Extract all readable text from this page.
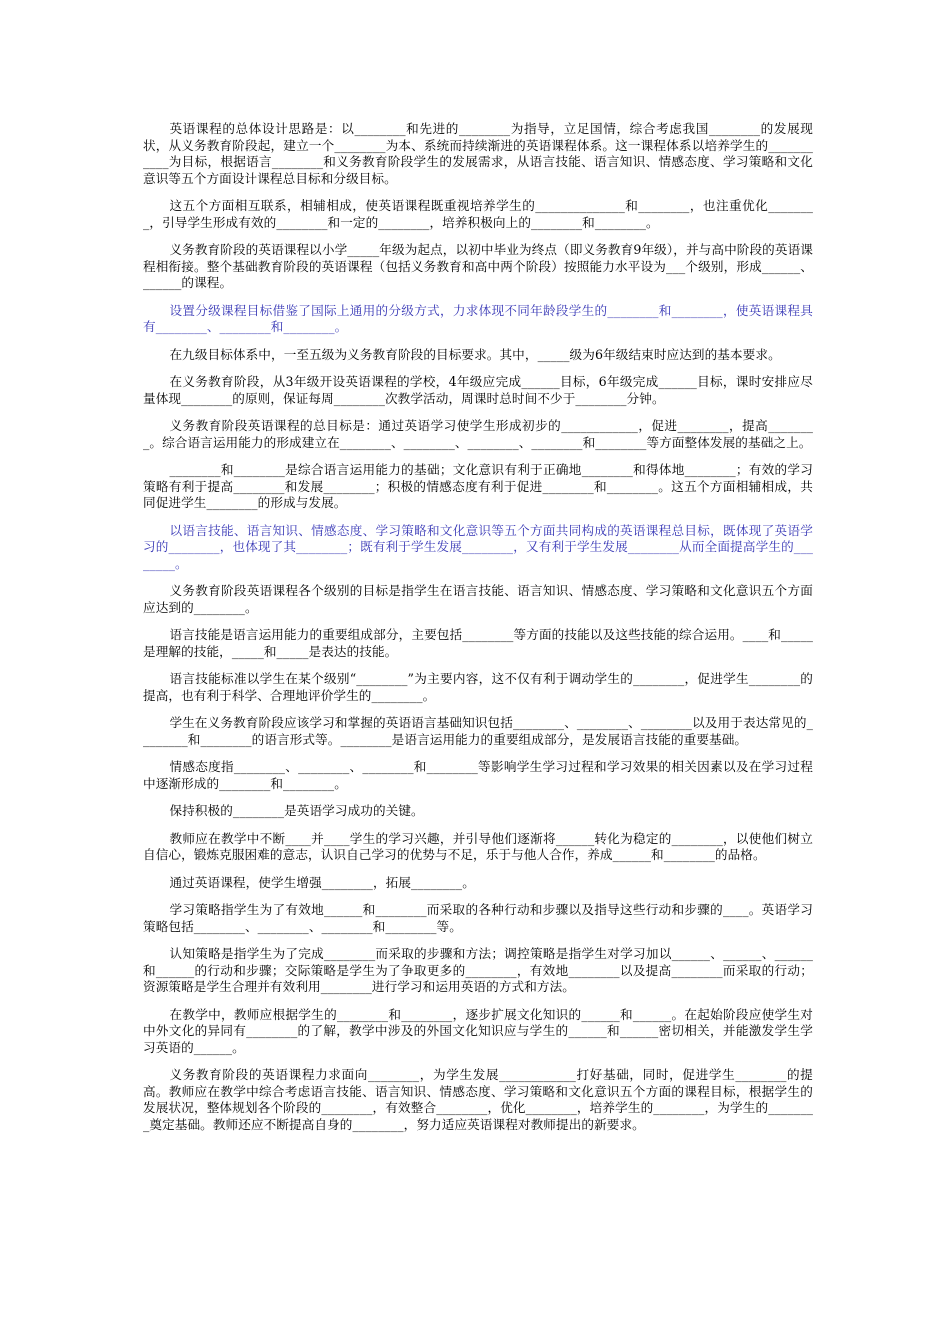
英语课程的总体设计思路是：以________和先进的________为指导，立足国情，综合考虑我国________的发展现状，从义务教育阶段起，建立一个________为本、系统而持续渐进的英语课程体系。这一课程体系以培养学生的___________为目标，根据语言________和义务教育阶段学生的发展需求，从语言技能、语言知识、情感态度、学习策略和文化意识等五个方面设计课程总目标和分级目标。

这五个方面相互联系，相辅相成，使英语课程既重视培养学生的______________和________，也注重优化________，引导学生形成有效的________和一定的________，培养积极向上的________和________。

义务教育阶段的英语课程以小学_____年级为起点，以初中毕业为终点（即义务教育9年级），并与高中阶段的英语课程相衔接。整个基础教育阶段的英语课程（包括义务教育和高中两个阶段）按照能力水平设为___个级别，形成______、______的课程。

设置分级课程目标借鉴了国际上通用的分级方式，力求体现不同年龄段学生的________和________，使英语课程具有________、________和________。

在九级目标体系中，一至五级为义务教育阶段的目标要求。其中，_____级为6年级结束时应达到的基本要求。

在义务教育阶段，从3年级开设英语课程的学校，4年级应完成______目标，6年级完成______目标，课时安排应尽量体现________的原则，保证每周________次教学活动，周课时总时间不少于________分钟。

义务教育阶段英语课程的总目标是：通过英语学习使学生形成初步的____________，促进________，提高________。综合语言运用能力的形成建立在________、________、________、________和________等方面整体发展的基础之上。

________和________是综合语言运用能力的基础；文化意识有利于正确地________和得体地________；有效的学习策略有利于提高________和发展________；积极的情感态度有利于促进________和________。这五个方面相辅相成，共同促进学生________的形成与发展。

以语言技能、语言知识、情感态度、学习策略和文化意识等五个方面共同构成的英语课程总目标，既体现了英语学习的________，也体现了其________；既有利于学生发展________，又有利于学生发展________从而全面提高学生的________。

义务教育阶段英语课程各个级别的目标是指学生在语言技能、语言知识、情感态度、学习策略和文化意识五个方面应达到的________。

语言技能是语言运用能力的重要组成部分，主要包括________等方面的技能以及这些技能的综合运用。____和_____是理解的技能，_____和_____是表达的技能。

语言技能标准以学生在某个级别“________”为主要内容，这不仅有利于调动学生的________，促进学生________的提高，也有利于科学、合理地评价学生的________。

学生在义务教育阶段应该学习和掌握的英语语言基础知识包括________、________、________以及用于表达常见的________和________的语言形式等。________是语言运用能力的重要组成部分，是发展语言技能的重要基础。

情感态度指________、________、________和________等影响学生学习过程和学习效果的相关因素以及在学习过程中逐渐形成的________和________。

保持积极的________是英语学习成功的关键。

教师应在教学中不断____并____学生的学习兴趣，并引导他们逐渐将______转化为稳定的________，以使他们树立自信心，锻炼克服困难的意志，认识自己学习的优势与不足，乐于与他人合作，养成______和________的品格。

通过英语课程，使学生增强________，拓展________。

学习策略指学生为了有效地______和________而采取的各种行动和步骤以及指导这些行动和步骤的____。英语学习策略包括________、________、________和________等。

认知策略是指学生为了完成________而采取的步骤和方法；调控策略是指学生对学习加以______、______、______和______的行动和步骤；交际策略是学生为了争取更多的________，有效地________以及提高________而采取的行动；资源策略是学生合理并有效利用________进行学习和运用英语的方式和方法。

在教学中，教师应根据学生的________和________，逐步扩展文化知识的______和______。在起始阶段应使学生对中外文化的异同有________的了解，教学中涉及的外国文化知识应与学生的______和______密切相关，并能激发学生学习英语的______。

义务教育阶段的英语课程力求面向________，为学生发展____________打好基础，同时，促进学生________的提高。教师应在教学中综合考虑语言技能、语言知识、情感态度、学习策略和文化意识五个方面的课程目标，根据学生的发展状况，整体规划各个阶段的________，有效整合________，优化________，培养学生的________，为学生的________奠定基础。教师还应不断提高自身的________，努力适应英语课程对教师提出的新要求。
